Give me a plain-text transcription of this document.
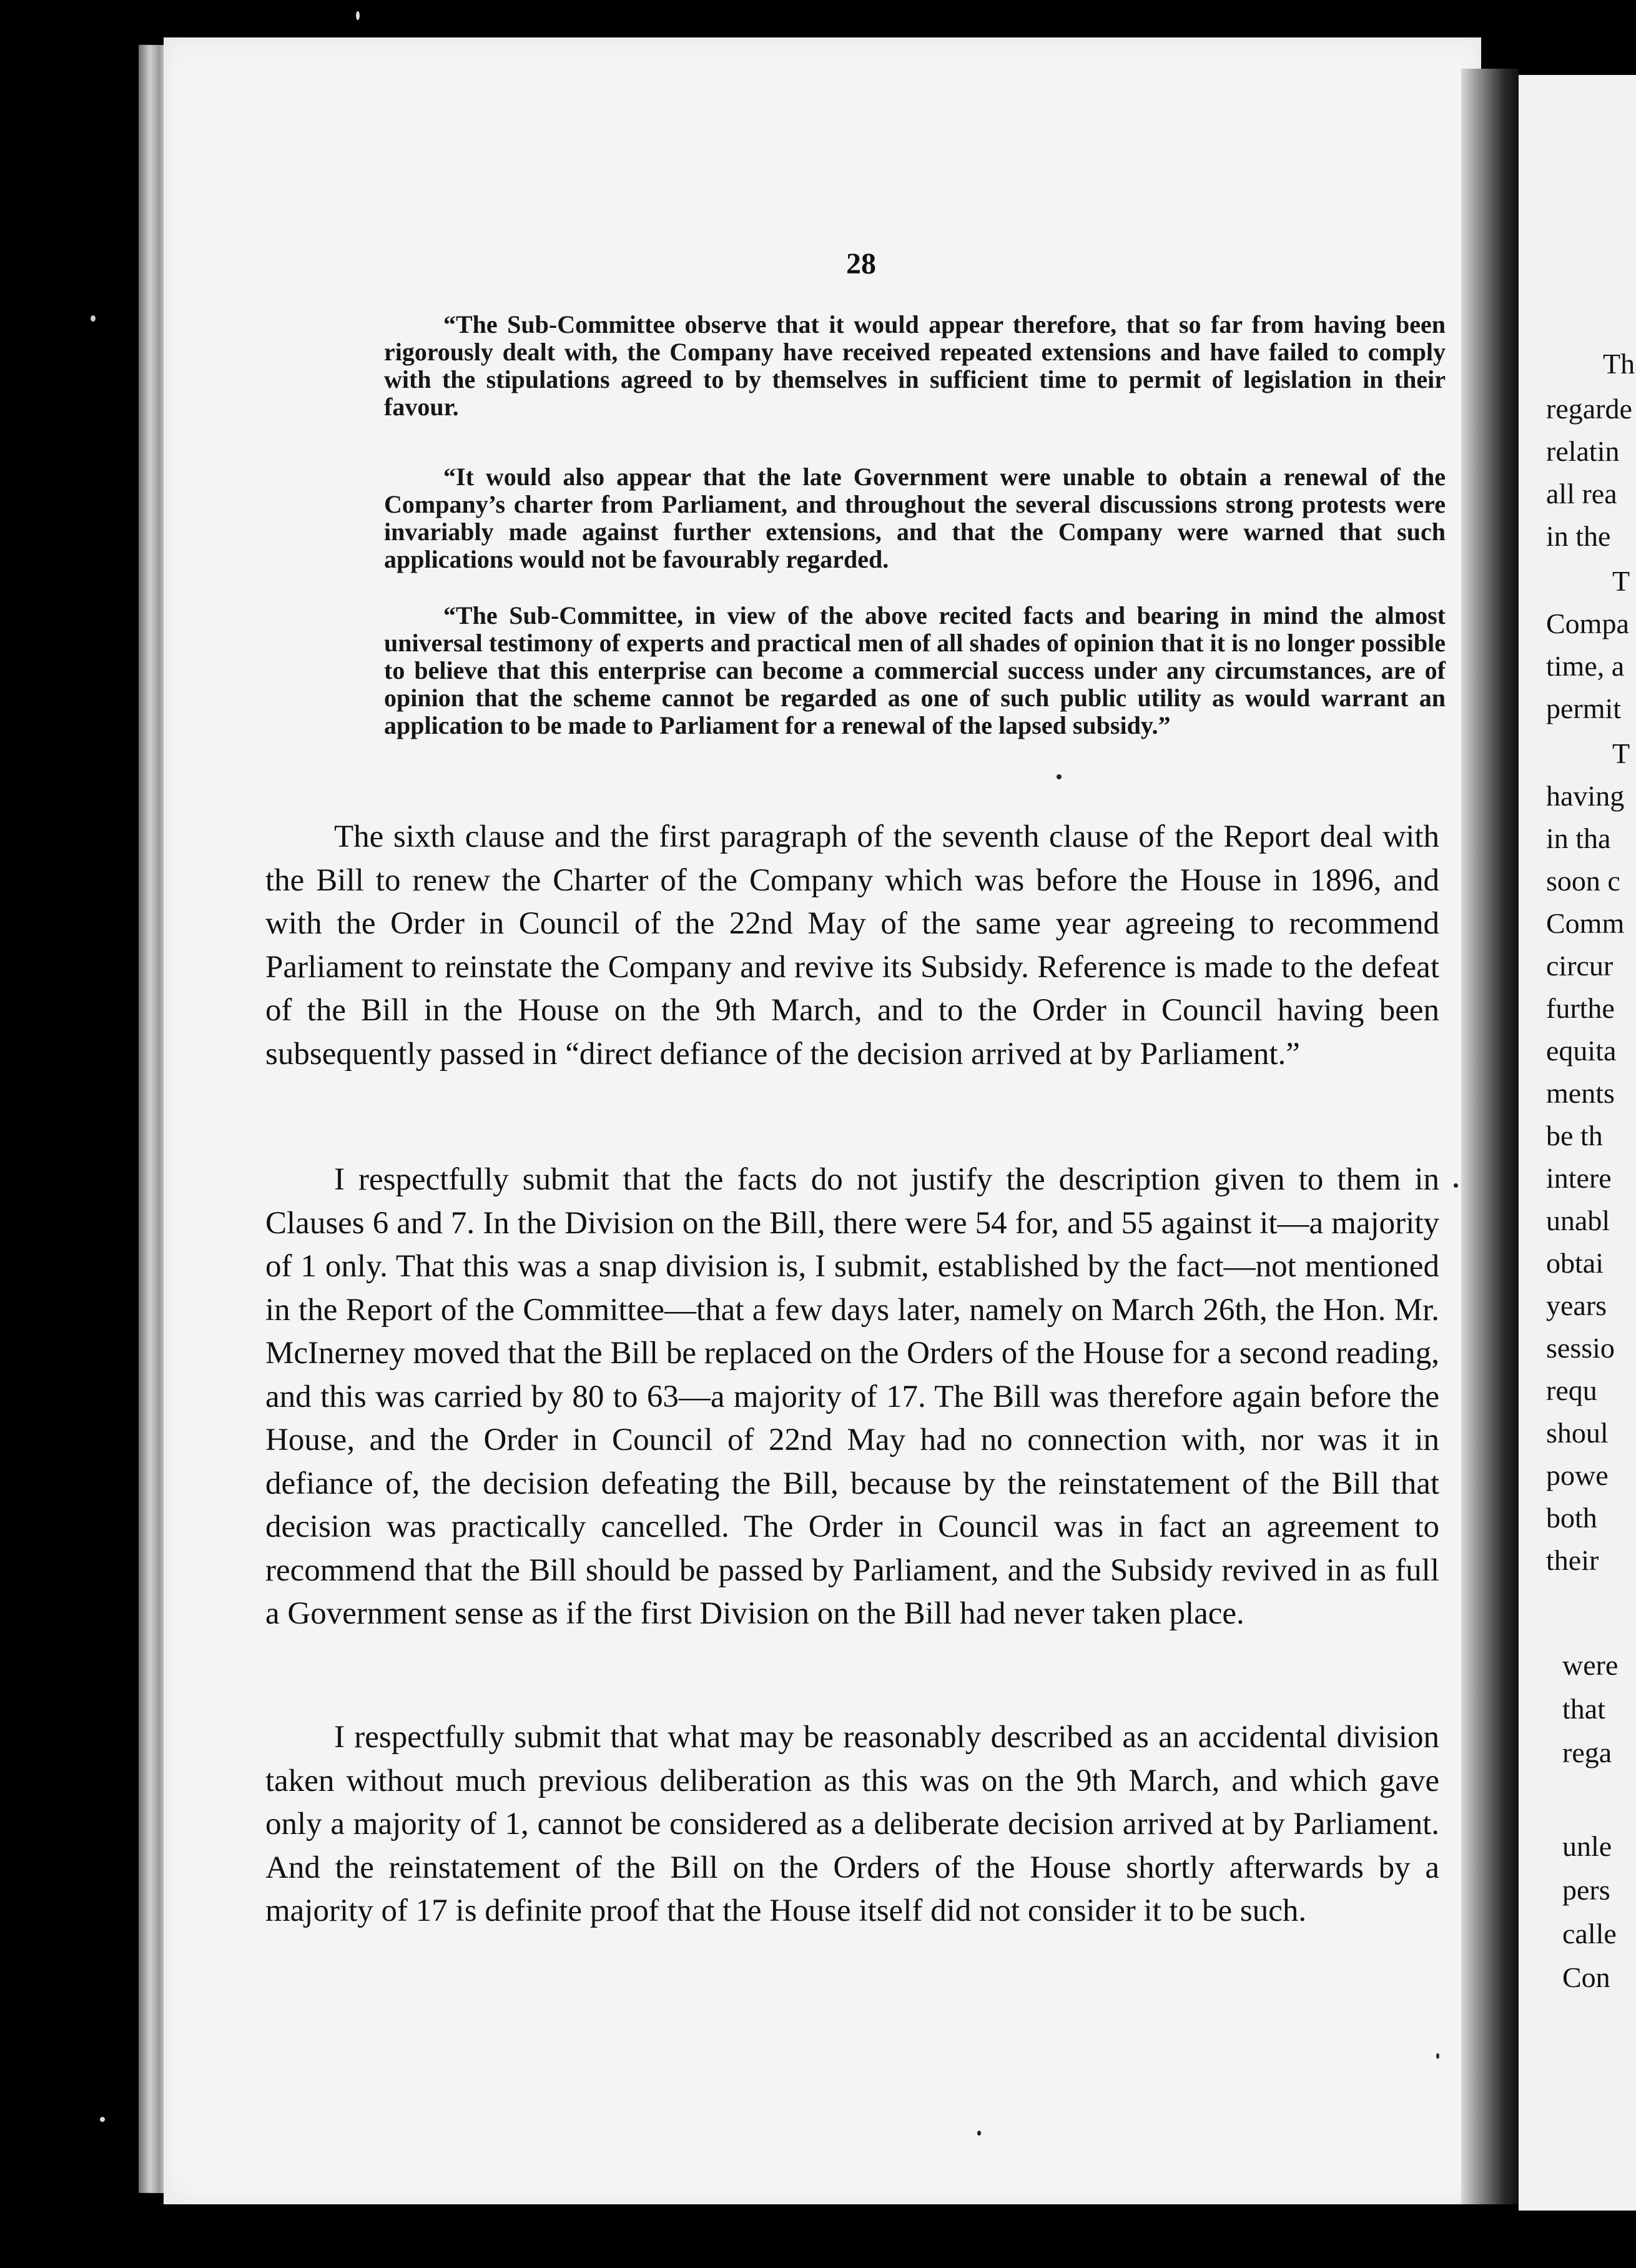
28

“The Sub-Committee observe that it would appear therefore, that so far from having been rigorously dealt with, the Company have received repeated extensions and have failed to comply with the stipulations agreed to by themselves in sufficient time to permit of legislation in their favour.

“It would also appear that the late Government were unable to obtain a renewal of the Company’s charter from Parliament, and throughout the several discussions strong protests were invariably made against further extensions, and that the Company were warned that such applications would not be favourably regarded.

“The Sub-Committee, in view of the above recited facts and bearing in mind the almost universal testimony of experts and practical men of all shades of opinion that it is no longer possible to believe that this enterprise can become a commercial success under any circumstances, are of opinion that the scheme cannot be regarded as one of such public utility as would warrant an application to be made to Parliament for a renewal of the lapsed subsidy.”

The sixth clause and the first paragraph of the seventh clause of the Report deal with the Bill to renew the Charter of the Company which was before the House in 1896, and with the Order in Council of the 22nd May of the same year agreeing to recommend Parliament to reinstate the Company and revive its Subsidy. Reference is made to the defeat of the Bill in the House on the 9th March, and to the Order in Council having been subsequently passed in “direct defiance of the decision arrived at by Parliament.”

I respectfully submit that the facts do not justify the description given to them in Clauses 6 and 7. In the Division on the Bill, there were 54 for, and 55 against it—a majority of 1 only. That this was a snap division is, I submit, established by the fact—not mentioned in the Report of the Committee—that a few days later, namely on March 26th, the Hon. Mr. McInerney moved that the Bill be replaced on the Orders of the House for a second reading, and this was carried by 80 to 63—a majority of 17. The Bill was therefore again before the House, and the Order in Council of 22nd May had no connection with, nor was it in defiance of, the decision defeating the Bill, because by the reinstatement of the Bill that decision was practically cancelled. The Order in Council was in fact an agreement to recommend that the Bill should be passed by Parliament, and the Subsidy revived in as full a Government sense as if the first Division on the Bill had never taken place.

I respectfully submit that what may be reasonably described as an accidental division taken without much previous deliberation as this was on the 9th March, and which gave only a majority of 1, cannot be considered as a deliberate decision arrived at by Parliament. And the reinstatement of the Bill on the Orders of the House shortly afterwards by a majority of 17 is definite proof that the House itself did not consider it to be such.

Th
regarde
relatin
all rea
in the
T
Compa
time, a
permit
T
having
in tha
soon c
Comm
circur
furthe
equita
ments
be th
intere
unabl
obtai
years
sessio
requ
shoul
powe
both
their
were
that
rega
unle
pers
calle
Con
